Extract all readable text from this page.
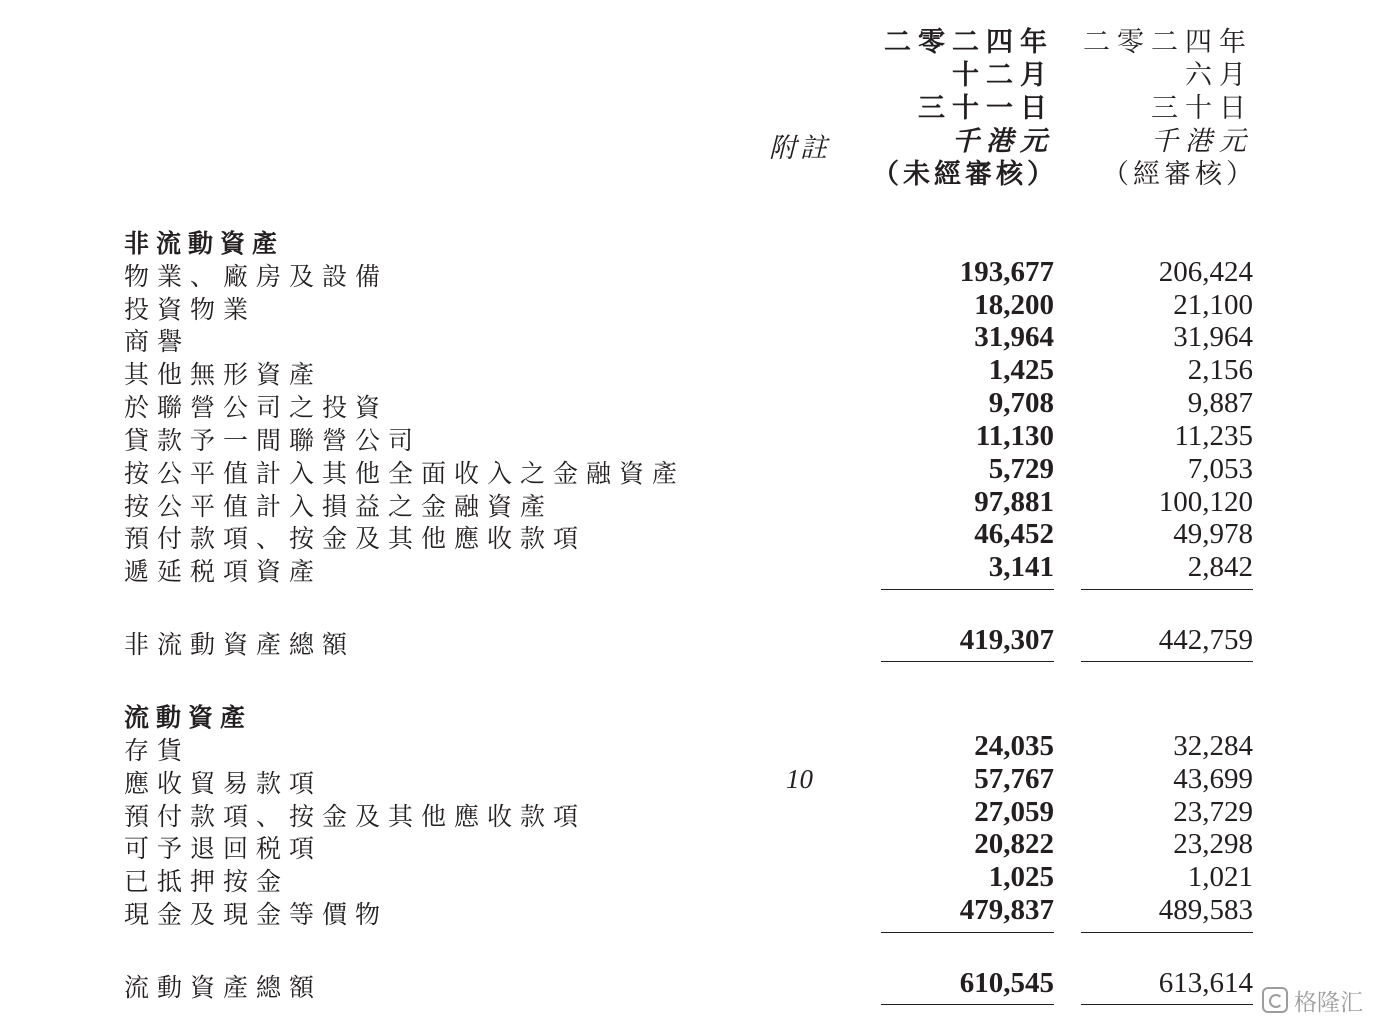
附註
二零二四年
十二月
三十一日
千港元
（未經審核）
二零二四年
六月
三十日
千港元
（經審核）
非流動資產
物業、廠房及設備	193,677	206,424
投資物業	18,200	21,100
商譽	31,964	31,964
其他無形資產	1,425	2,156
於聯營公司之投資	9,708	9,887
貸款予一間聯營公司	11,130	11,235
按公平值計入其他全面收入之金融資產	5,729	7,053
按公平值計入損益之金融資產	97,881	100,120
預付款項、按金及其他應收款項	46,452	49,978
遞延税項資產	3,141	2,842
非流動資產總額	419,307	442,759
流動資產
存貨	24,035	32,284
應收貿易款項	10	57,767	43,699
預付款項、按金及其他應收款項	27,059	23,729
可予退回税項	20,822	23,298
已抵押按金	1,025	1,021
現金及現金等價物	479,837	489,583
流動資產總額	610,545	613,614
格隆汇
